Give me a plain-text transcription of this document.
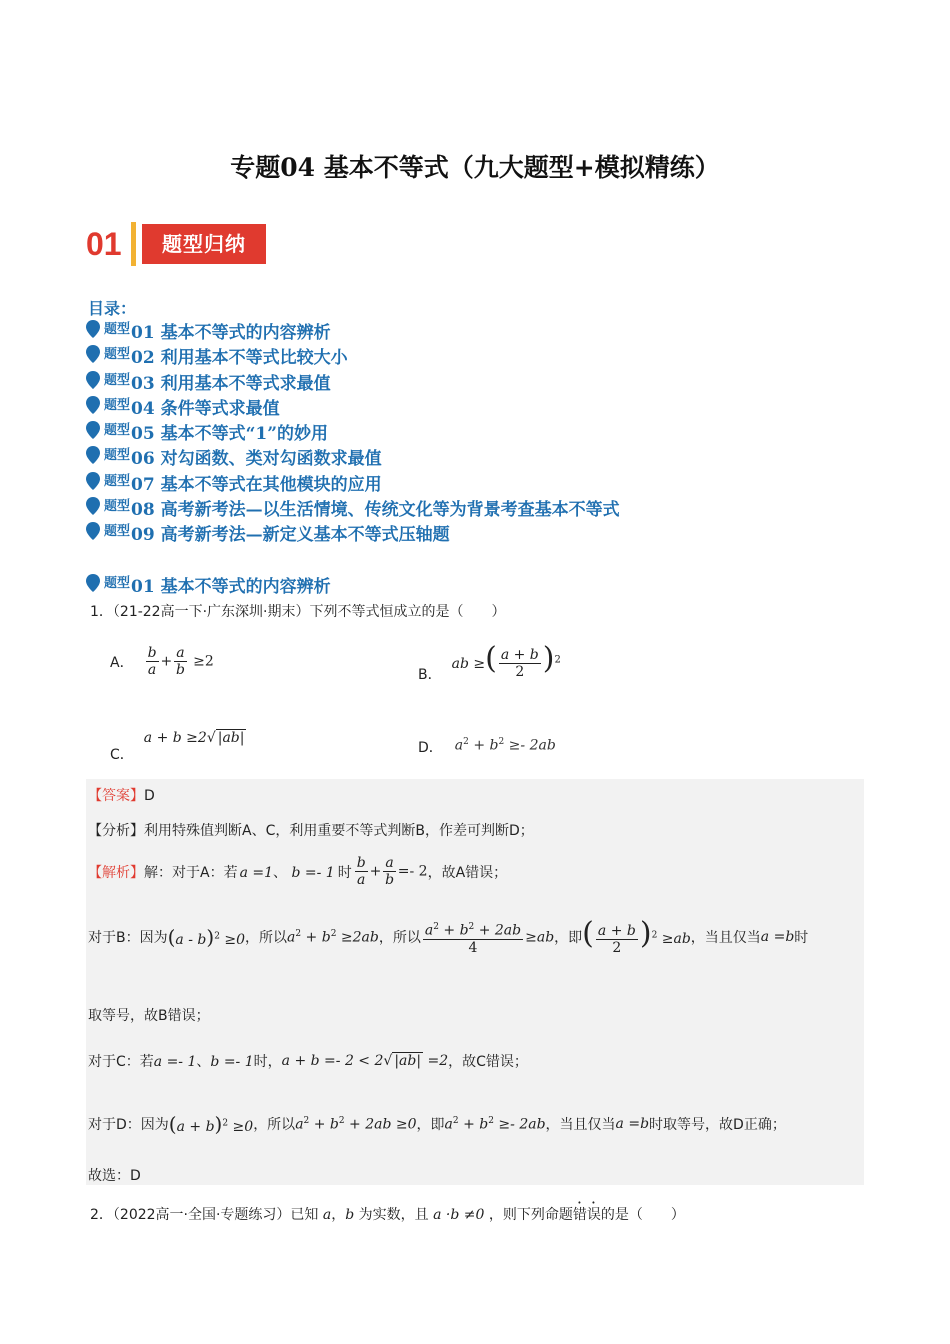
专题04 基本不等式（九大题型+模拟精练）
01	题型归纳
目录：
题型 01 基本不等式的内容辨析
题型 02 利用基本不等式比较大小
题型 03 利用基本不等式求最值
题型 04 条件等式求最值
题型 05 基本不等式“1”的妙用
题型 06 对勾函数、类对勾函数求最值
题型 07 基本不等式在其他模块的应用
题型 08 高考新考法—以生活情境、传统文化等为背景考查基本不等式
题型 09 高考新考法—新定义基本不等式压轴题
题型 01 基本不等式的内容辨析
1．（21-22高一下·广东深圳·期末）下列不等式恒成立的是（　　）
A． $\frac{b}{a} + \frac{a}{b} \ge 2$
B．
ab ≥( $\frac{a + b}{2} )^2$
C．
a + b ≥2√ |ab|
D． $a^2 + b^2 \ge- 2ab$
【答案】D
【分析】利用特殊值判断A、C，利用重要不等式判断B，作差可判断D；
【解析】 解：对于A：若 a =1、 b =- 1 时 $\frac{b}{a} + \frac{a}{b} =- 2$ ，故A错误；
对于B：因为 (a - b)$^2$ ≥0 ，所以 $a^2 + b^2 \ge 2ab$ ，所以 $\frac{a^2 + b^2 + 2ab}{4} \ge ab$ ，即 ( $\frac{a + b}{2} )^2 \ge ab$ ，当且仅当 a =b 时
取等号，故B错误；
对于C：若 a =- 1、b =- 1 时， a + b =- 2 < 2√ |ab| =2 ，故C错误；
对于D：因为 $(a + b)^2 \ge 0$ ，所以 $a^2 + b^2 + 2ab \ge 0$ ，即 $a^2 + b^2 \ge- 2ab$ ，当且仅当 a =b 时取等号，故D正确；
故选：D
2．（2022高一·全国·专题练习）已知 a，b 为实数，且 a ·b ≠0 ，则下列命题错误的是（　　）
